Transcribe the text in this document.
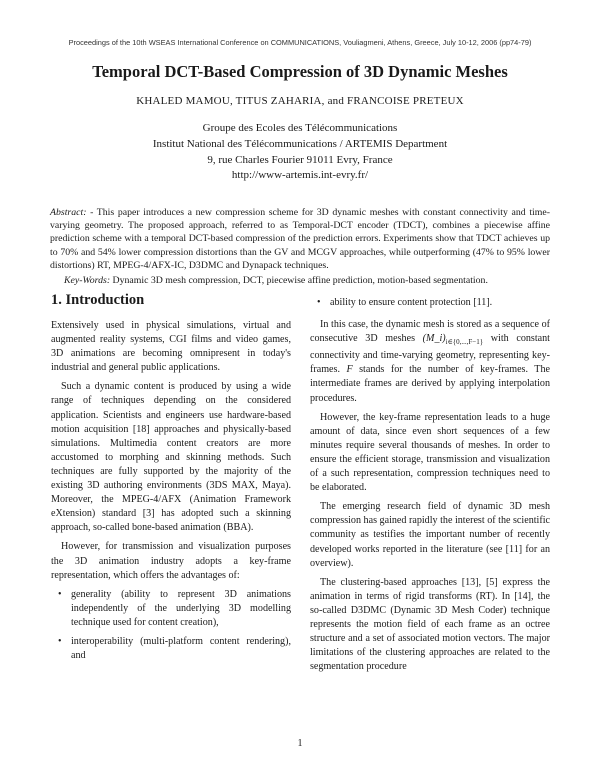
Proceedings of the 10th WSEAS International Conference on COMMUNICATIONS, Vouliagmeni, Athens, Greece, July 10-12, 2006 (pp74-79)
Temporal DCT-Based Compression of 3D Dynamic Meshes
KHALED MAMOU, TITUS ZAHARIA, and FRANCOISE PRETEUX
Groupe des Ecoles des Télécommunications
Institut National des Télécommunications / ARTEMIS Department
9, rue Charles Fourier 91011 Evry, France
http://www-artemis.int-evry.fr/

Abstract: - This paper introduces a new compression scheme for 3D dynamic meshes with constant connectivity and time-varying geometry. The proposed approach, referred to as Temporal-DCT encoder (TDCT), combines a piecewise affine prediction scheme with a temporal DCT-based compression of the prediction errors. Experiments show that TDCT achieves up to 70% and 54% lower compression distortions than the GV and MCGV approaches, while outperforming (47% to 95% lower distortions) RT, MPEG-4/AFX-IC, D3DMC and Dynapack techniques.

Key-Words: Dynamic 3D mesh compression, DCT, piecewise affine prediction, motion-based segmentation.

1. Introduction

Extensively used in physical simulations, virtual and augmented reality systems, CGI films and video games, 3D animations are becoming omnipresent in today's industrial and general public applications.

Such a dynamic content is produced by using a wide range of techniques depending on the considered application. Scientists and engineers use hardware-based motion acquisition [18] approaches and physically-based simulations. Multimedia content creators are more accustomed to morphing and skinning methods. Such techniques are fully supported by the majority of the existing 3D authoring environments (3DS MAX, Maya). Moreover, the MPEG-4/AFX (Animation Framework eXtension) standard [3] has adopted such a skinning approach, so-called bone-based animation (BBA).

However, for transmission and visualization purposes the 3D animation industry adopts a key-frame representation, which offers the advantages of:

• generality (ability to represent 3D animations independently of the underlying 3D modelling technique used for content creation),
• interoperability (multi-platform content rendering), and
• ability to ensure content protection [11].

In this case, the dynamic mesh is stored as a sequence of consecutive 3D meshes $(M\_i)_{i\in\{0,...,F-1\}}$ with constant connectivity and time-varying geometry, representing key-frames. F stands for the number of key-frames. The intermediate frames are derived by applying interpolation procedures.

However, the key-frame representation leads to a huge amount of data, since even short sequences of a few minutes require several thousands of meshes. In order to ensure the efficient storage, transmission and visualization of a such representation, compression techniques need to be elaborated.

The emerging research field of dynamic 3D mesh compression has gained rapidly the interest of the scientific community as testifies the important number of recently developed works reported in the literature (see [11] for an overview).

The clustering-based approaches [13], [5] express the animation in terms of rigid transforms (RT). In [14], the so-called D3DMC (Dynamic 3D Mesh Coder) technique represents the motion field of each frame as an octree structure and a set of associated motion vectors. The major limitations of the clustering approaches are related to the segmentation procedure

1
